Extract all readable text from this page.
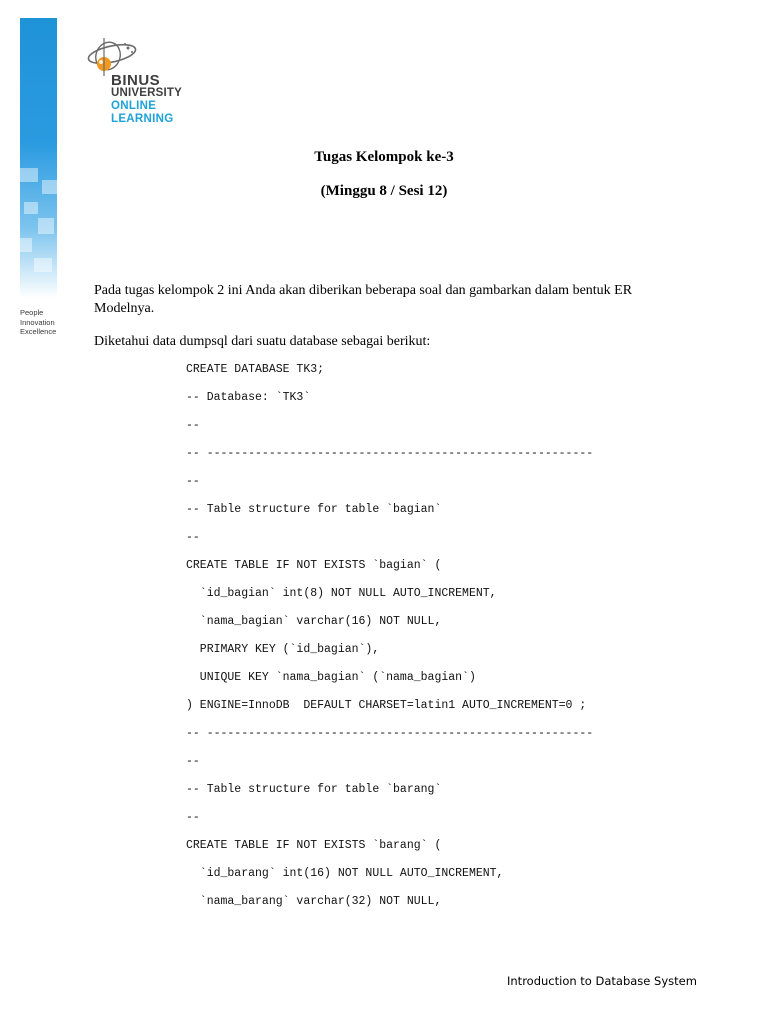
People
Innovation
Excellence
BINUS
UNIVERSITY
ONLINE
LEARNING
Tugas Kelompok ke-3
(Minggu 8 / Sesi 12)
Pada tugas kelompok 2 ini Anda akan diberikan beberapa soal dan gambarkan dalam bentuk ER Modelnya.
Diketahui data dumpsql dari suatu database sebagai berikut:
CREATE DATABASE TK3;
-- Database: `TK3`
--
-- --------------------------------------------------------
--
-- Table structure for table `bagian`
--
CREATE TABLE IF NOT EXISTS `bagian` (
`id_bagian` int(8) NOT NULL AUTO_INCREMENT,
`nama_bagian` varchar(16) NOT NULL,
PRIMARY KEY (`id_bagian`),
UNIQUE KEY `nama_bagian` (`nama_bagian`)
) ENGINE=InnoDB  DEFAULT CHARSET=latin1 AUTO_INCREMENT=0 ;
-- --------------------------------------------------------
--
-- Table structure for table `barang`
--
CREATE TABLE IF NOT EXISTS `barang` (
`id_barang` int(16) NOT NULL AUTO_INCREMENT,
`nama_barang` varchar(32) NOT NULL,
Introduction to Database System
